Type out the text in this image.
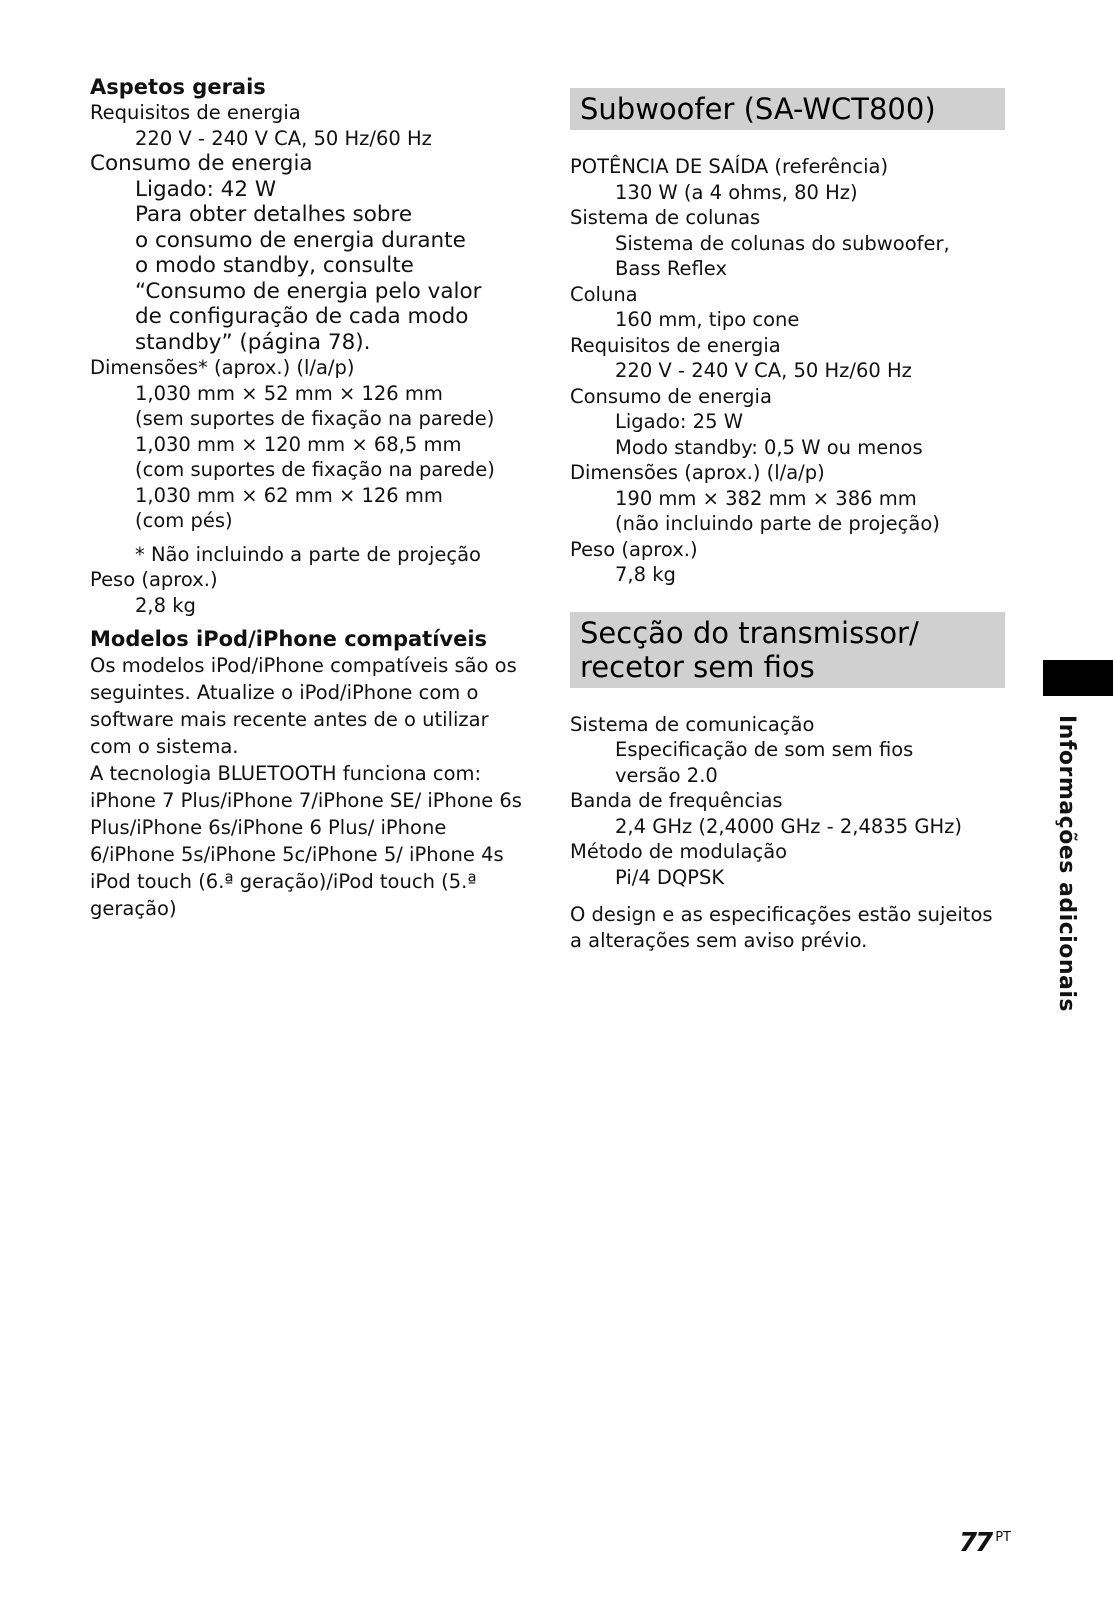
Aspetos gerais
Requisitos de energia
220 V - 240 V CA, 50 Hz/60 Hz
Consumo de energia
Ligado: 42 W
Para obter detalhes sobre
o consumo de energia durante
o modo standby, consulte
“Consumo de energia pelo valor
de configuração de cada modo
standby” (página 78).
Dimensões* (aprox.) (l/a/p)
1,030 mm × 52 mm × 126 mm
(sem suportes de fixação na parede)
1,030 mm × 120 mm × 68,5 mm
(com suportes de fixação na parede)
1,030 mm × 62 mm × 126 mm
(com pés)
* Não incluindo a parte de projeção
Peso (aprox.)
2,8 kg
Modelos iPod/iPhone compatíveis
Os modelos iPod/iPhone compatíveis são os seguintes. Atualize o iPod/iPhone com o software mais recente antes de o utilizar com o sistema.
A tecnologia BLUETOOTH funciona com: iPhone 7 Plus/iPhone 7/iPhone SE/ iPhone 6s Plus/iPhone 6s/iPhone 6 Plus/ iPhone 6/iPhone 5s/iPhone 5c/iPhone 5/ iPhone 4s
iPod touch (6.ª geração)/iPod touch (5.ª geração)
Subwoofer (SA-WCT800)
POTÊNCIA DE SAÍDA (referência)
130 W (a 4 ohms, 80 Hz)
Sistema de colunas
Sistema de colunas do subwoofer,
Bass Reflex
Coluna
160 mm, tipo cone
Requisitos de energia
220 V - 240 V CA, 50 Hz/60 Hz
Consumo de energia
Ligado: 25 W
Modo standby: 0,5 W ou menos
Dimensões (aprox.) (l/a/p)
190 mm × 382 mm × 386 mm
(não incluindo parte de projeção)
Peso (aprox.)
7,8 kg
Secção do transmissor/
recetor sem fios
Sistema de comunicação
Especificação de som sem fios
versão 2.0
Banda de frequências
2,4 GHz (2,4000 GHz - 2,4835 GHz)
Método de modulação
Pi/4 DQPSK
O design e as especificações estão sujeitos a alterações sem aviso prévio.	Informações adicionais
77 $^{PT}$
